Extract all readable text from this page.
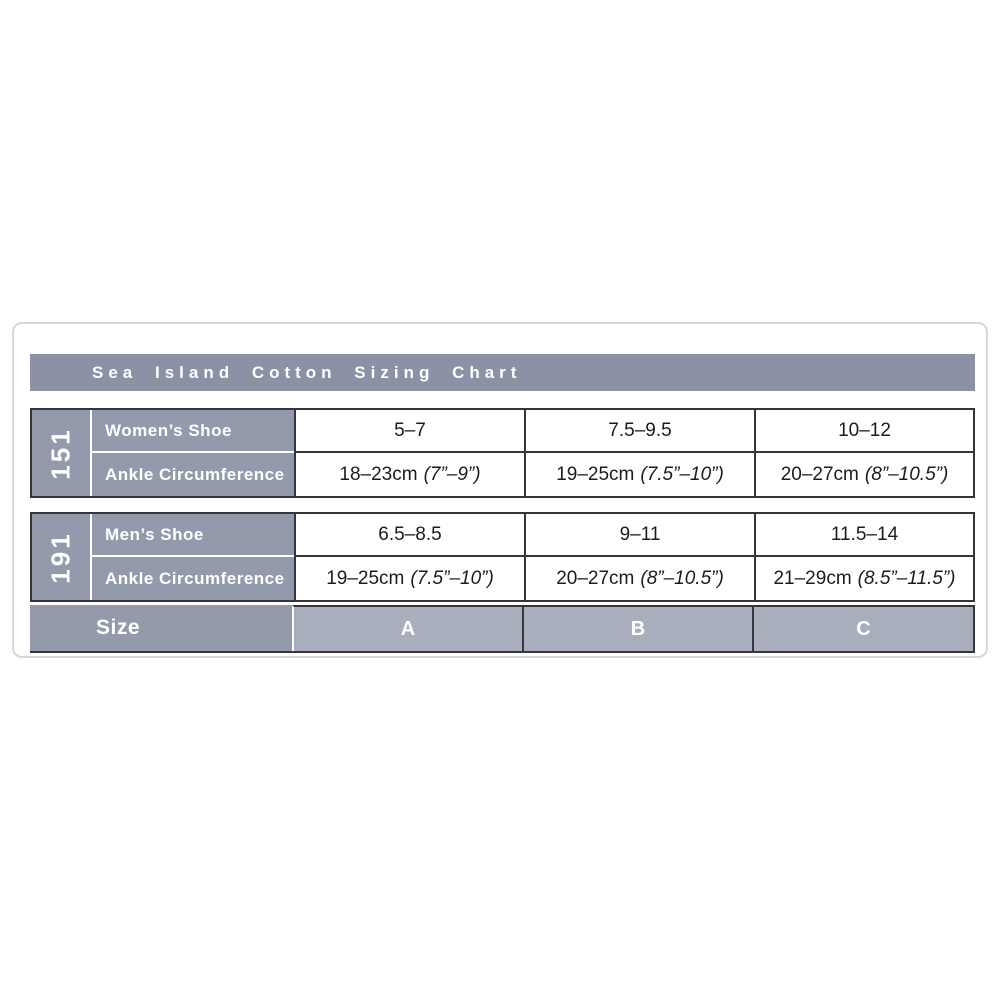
Sea Island Cotton Sizing Chart
151 Women’s Shoe	5–7	7.5–9.5	10–12
Ankle Circumference	18–23cm (7”–9”)	19–25cm (7.5”–10”)	20–27cm (8”–10.5”)
191 Men’s Shoe	6.5–8.5	9–11	11.5–14
Ankle Circumference 19–25cm (7.5”–10”)	20–27cm (8”–10.5”)	21–29cm (8.5”–11.5”)
Size	A	B	C
